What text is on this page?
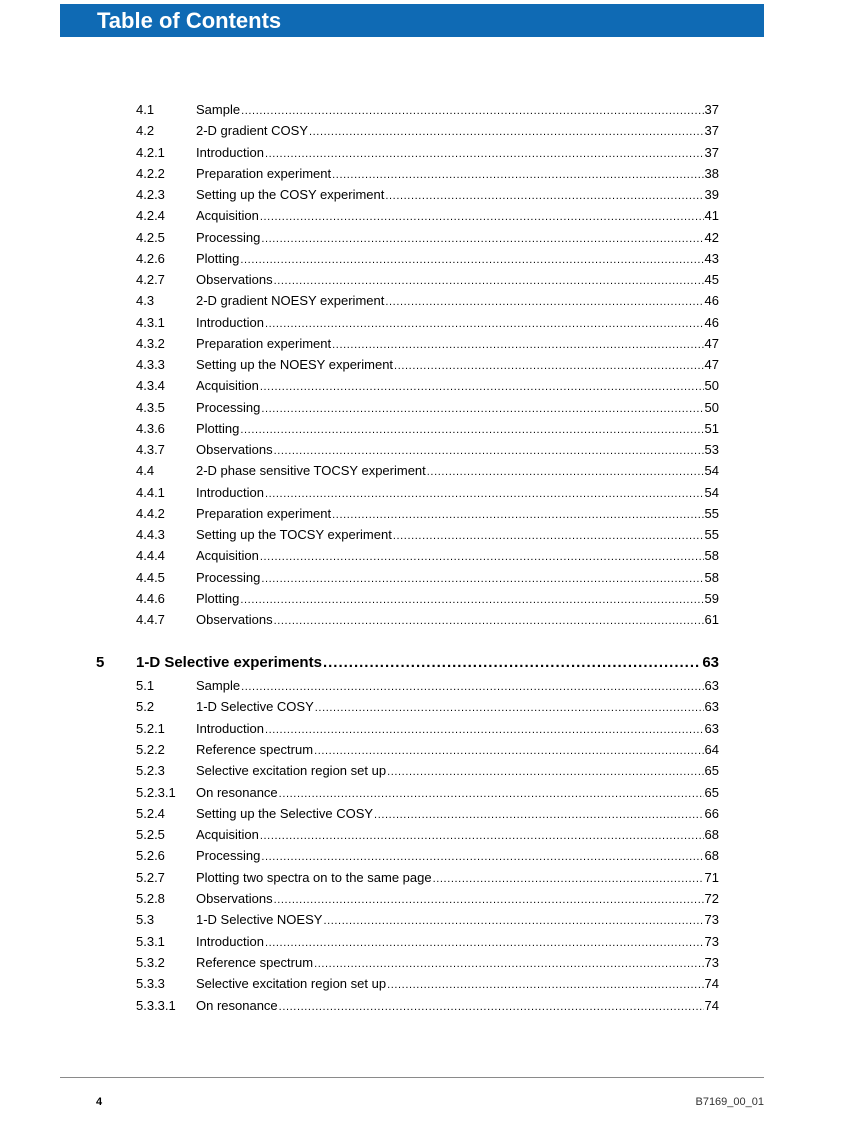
Table of Contents
4.1	Sample .....	37
4.2	2-D gradient COSY .....	37
4.2.1 Introduction .....	37
4.2.2 Preparation experiment .....	38
4.2.3 Setting up the COSY experiment .....	39
4.2.4 Acquisition .....	41
4.2.5 Processing .....	42
4.2.6 Plotting .....	43
4.2.7 Observations .....	45
4.3	2-D gradient NOESY experiment .....	46
4.3.1 Introduction .....	46
4.3.2 Preparation experiment .....	47
4.3.3 Setting up the NOESY experiment .....	47
4.3.4 Acquisition .....	50
4.3.5 Processing .....	50
4.3.6 Plotting .....	51
4.3.7 Observations .....	53
4.4	2-D phase sensitive TOCSY experiment .....	54
4.4.1 Introduction .....	54
4.4.2 Preparation experiment .....	55
4.4.3 Setting up the TOCSY experiment .....	55
4.4.4 Acquisition .....	58
4.4.5 Processing .....	58
4.4.6 Plotting .....	59
4.4.7 Observations .....	61
5 1-D Selective experiments .....	63
5.1	Sample .....	63
5.2	1-D Selective COSY .....	63
5.2.1 Introduction .....	63
5.2.2 Reference spectrum .....	64
5.2.3 Selective excitation region set up .....	65
5.2.3.1 On resonance .....	65
5.2.4 Setting up the Selective COSY .....	66
5.2.5 Acquisition .....	68
5.2.6 Processing .....	68
5.2.7 Plotting two spectra on to the same page .....	71
5.2.8 Observations .....	72
5.3	1-D Selective NOESY .....	73
5.3.1 Introduction .....	73
5.3.2 Reference spectrum .....	73
5.3.3 Selective excitation region set up .....	74
5.3.3.1 On resonance .....	74
4	B7169_00_01
